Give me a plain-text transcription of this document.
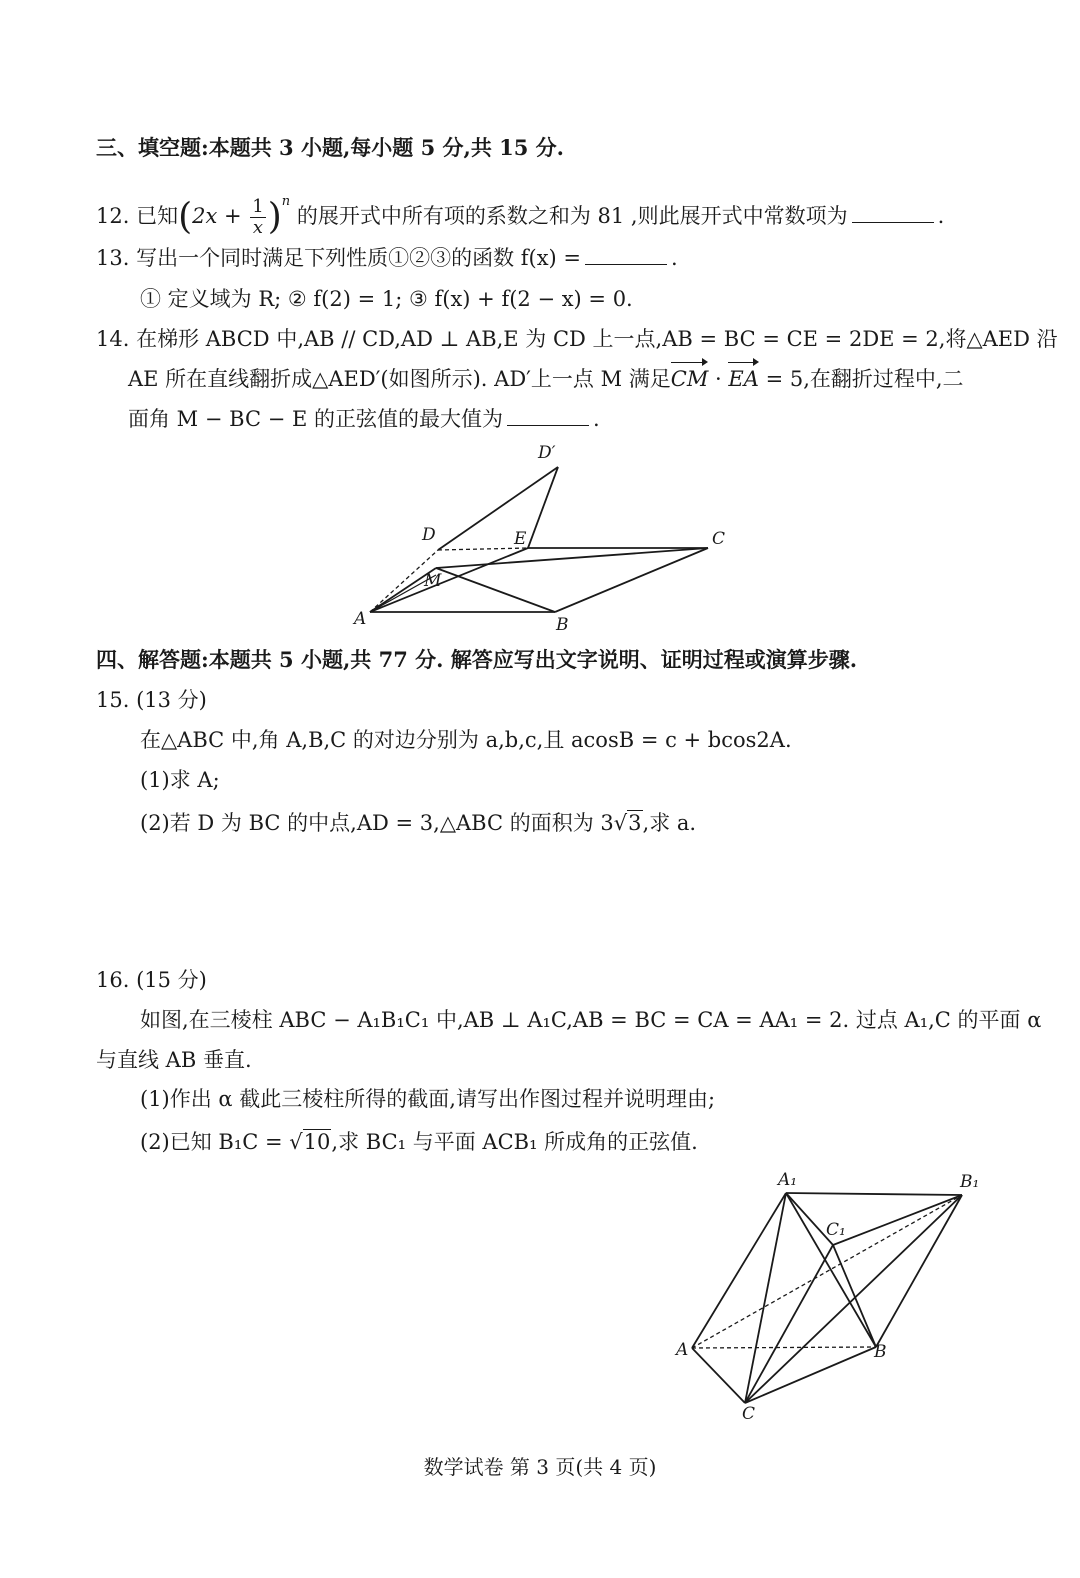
三、填空题:本题共 3 小题,每小题 5 分,共 15 分.
12. 已知$(2x + \frac{1}{x} )^n$ 的展开式中所有项的系数之和为 81 ,则此展开式中常数项为	.
13. 写出一个同时满足下列性质①②③的函数 f(x) =	.
① 定义域为 R; ② f(2) = 1; ③ f(x) + f(2 − x) = 0.
14. 在梯形 ABCD 中,AB // CD,AD ⊥ AB,E 为 CD 上一点,AB = BC = CE = 2DE = 2,将△AED 沿
AE 所在直线翻折成△AED′(如图所示). AD′上一点 M 满足CM · EA = 5,在翻折过程中,二
面角 M − BC − E 的正弦值的最大值为	.
D′
D	E	C
M
A	B
四、解答题:本题共 5 小题,共 77 分. 解答应写出文字说明、证明过程或演算步骤.
15. (13 分)
在△ABC 中,角 A,B,C 的对边分别为 a,b,c,且 acosB = c + bcos2A.
(1)求 A;
(2)若 D 为 BC 的中点,AD = 3,△ABC 的面积为 3√3,求 a.
16. (15 分)
如图,在三棱柱 ABC − A₁B₁C₁ 中,AB ⊥ A₁C,AB = BC = CA = AA₁ = 2. 过点 A₁,C 的平面 α
与直线 AB 垂直.
(1)作出 α 截此三棱柱所得的截面,请写出作图过程并说明理由;
(2)已知 B₁C = √10,求 BC₁ 与平面 ACB₁ 所成角的正弦值.
A₁	B₁
C₁
A	B
C
数学试卷 第 3 页(共 4 页)
